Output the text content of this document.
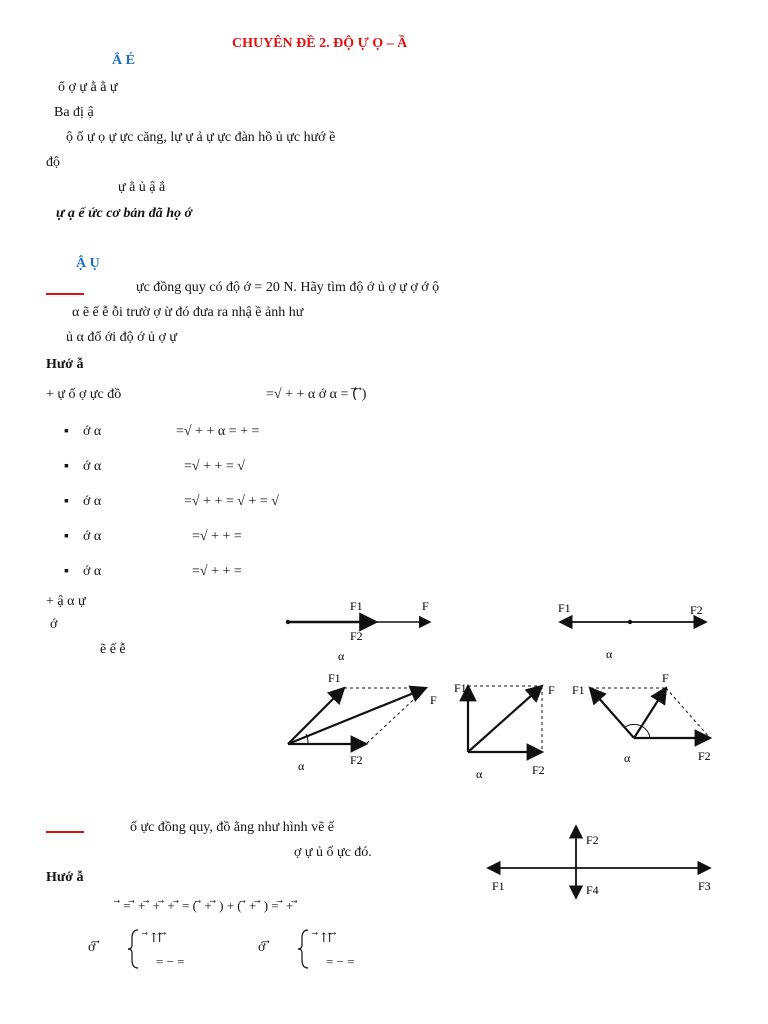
CHUYÊN ĐỀ 2. ĐỘ Ự Ọ – Ầ
Ắ É
ổ ợ ự ằ ằ ự
Ba đị ậ
ộ ố ự ọ ự ực căng, lự ự ả ự ực đàn hồ ủ ực hướ ề
độ
ự ằ ủ ậ ắ
ự ạ ế ức cơ bản đã họ ớ
Ậ Ụ
ực đồng quy có độ ớ = 20 N. Hãy tìm độ ớ ủ ợ ự ợ ớ ộ
α ẽ ế ễ ỗi trườ ợ ừ đó đưa ra nhậ ề ảnh hư
ủ α đố ới độ ớ ủ ợ ự
Hướ ẫ
+ ự ố ợ ực đồ	=√ + + α ớ α = (⃗ ⃗)
▪ ớ α	=√ + + α = + =
▪ ớ α	=√ + + = √
▪ ớ α	=√ + + = √ + = √
▪ ớ α	=√ + + =
▪ ớ α	=√ + + =
+ ậ α ự
ớ
ẽ ế ễ
F1	F
F2
α
F1	F2
α
F1
F
F2
α
F1	F
F2
α
F1
F
F2
α
ố ực đồng quy, đồ ằng như hình vẽ ế
ợ ự ủ ố ực đó.
Hướ ẫ
⃗ = ⃗ + ⃗ + ⃗ + ⃗ = ( ⃗ + ⃗ ) + ( ⃗ + ⃗ ) = ⃗ + ⃗
ớ ⃗
⃗ ⇈ ⃗
= − =
ớ ⃗
⃗ ⇈ ⃗
= − =
F2
F1	F4	F3
